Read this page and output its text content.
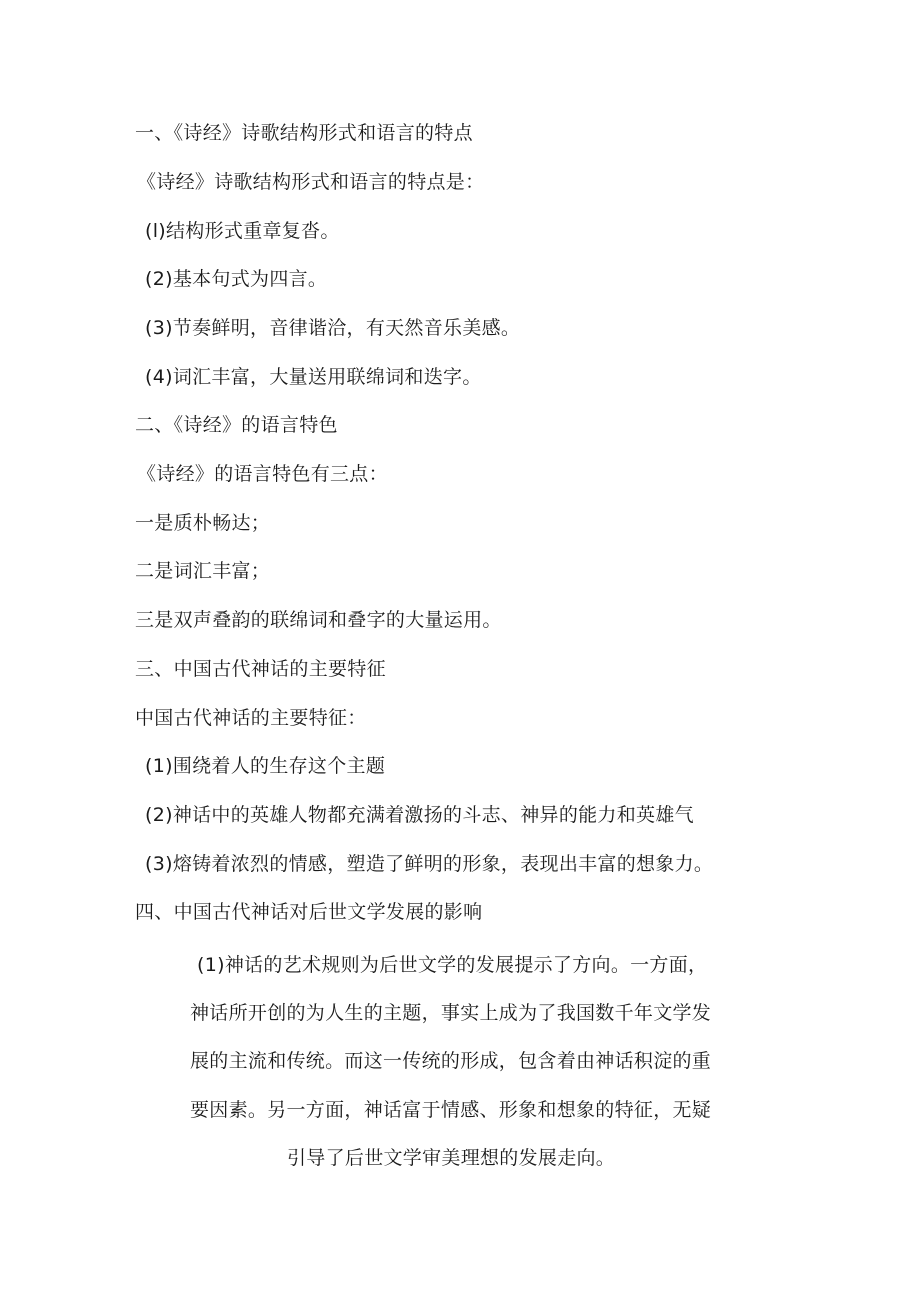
一、《诗经》诗歌结构形式和语言的特点
《诗经》诗歌结构形式和语言的特点是：
(l)结构形式重章复沓。
(2)基本句式为四言。
(3)节奏鲜明，音律谐洽，有天然音乐美感。
(4)词汇丰富，大量送用联绵词和迭字。
二、《诗经》的语言特色
《诗经》的语言特色有三点：
一是质朴畅达；
二是词汇丰富；
三是双声叠韵的联绵词和叠字的大量运用。
三、中国古代神话的主要特征
中国古代神话的主要特征：
(1)围绕着人的生存这个主题
(2)神话中的英雄人物都充满着激扬的斗志、神异的能力和英雄气
(3)熔铸着浓烈的情感，塑造了鲜明的形象，表现出丰富的想象力。
四、中国古代神话对后世文学发展的影响
(1)神话的艺术规则为后世文学的发展提示了方向。一方面，
神话所开创的为人生的主题，事实上成为了我国数千年文学发
展的主流和传统。而这一传统的形成，包含着由神话积淀的重
要因素。另一方面，神话富于情感、形象和想象的特征，无疑
引导了后世文学审美理想的发展走向。
